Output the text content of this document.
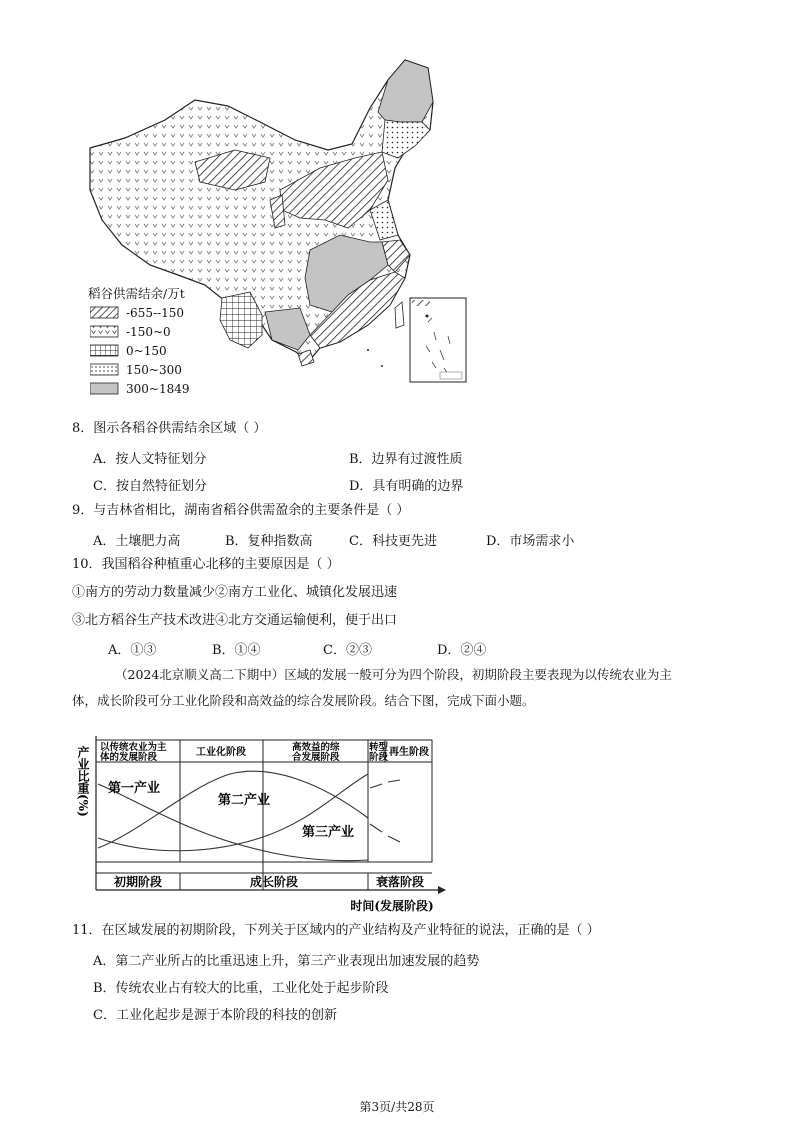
稻谷供需结余/万t
-655--150
-150~0
0~150
150~300
300~1849
8．图示各稻谷供需结余区域（ ）
A．按人文特征划分	B．边界有过渡性质
C．按自然特征划分	D．具有明确的边界
9．与吉林省相比，湖南省稻谷供需盈余的主要条件是（ ）
A．土壤肥力高	B．复种指数高	C．科技更先进	D．市场需求小
10．我国稻谷种植重心北移的主要原因是（ ）
①南方的劳动力数量减少②南方工业化、城镇化发展迅速
③北方稻谷生产技术改进④北方交通运输便利，便于出口
A．①③	B．①④	C．②③	D．②④
（2024北京顺义高二下期中）区域的发展一般可分为四个阶段，初期阶段主要表现为以传统农业为主
体，成长阶段可分工业化阶段和高效益的综合发展阶段。结合下图，完成下面小题。
产业比重(%) 以传统农业为主
体的发展阶段	工业化阶段	高效益的综
合发展阶段
转型
阶段 再生阶段
第一产业
第二产业
第三产业
初期阶段	成长阶段	衰落阶段
时间(发展阶段)
11．在区域发展的初期阶段，下列关于区域内的产业结构及产业特征的说法，正确的是（ ）
A．第二产业所占的比重迅速上升，第三产业表现出加速发展的趋势
B．传统农业占有较大的比重，工业化处于起步阶段
C．工业化起步是源于本阶段的科技的创新
第3页/共28页
